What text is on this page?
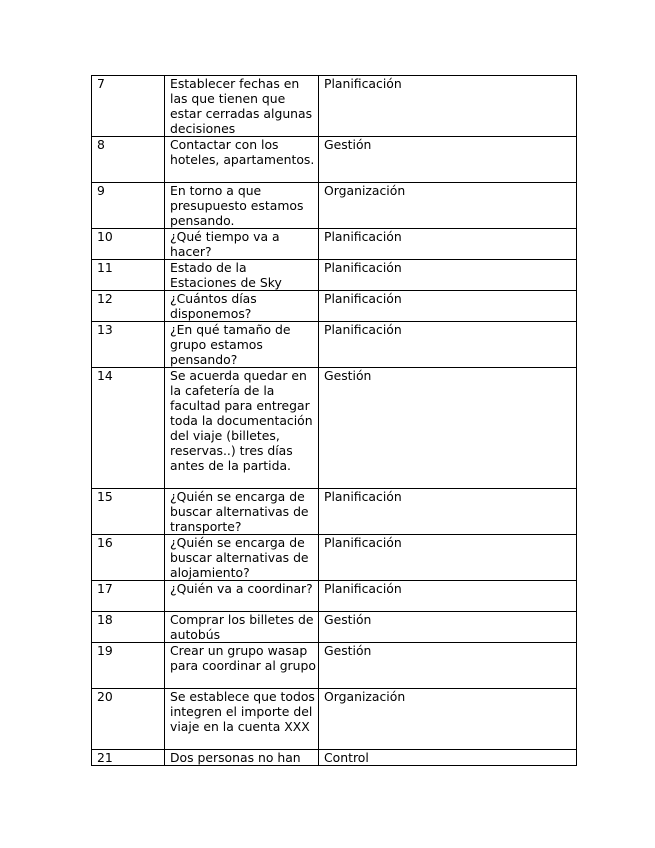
7	Establecer fechas en las que tienen que estar cerradas algunas decisiones	Planificación
8	Contactar con los hoteles, apartamentos.	Gestión
9	En torno a que presupuesto estamos pensando.	Organización
10	¿Qué tiempo va a hacer?	Planificación
11	Estado de la Estaciones de Sky	Planificación
12	¿Cuántos días disponemos?	Planificación
13	¿En qué tamaño de grupo estamos pensando?	Planificación
14	Se acuerda quedar en la cafetería de la facultad para entregar toda la documentación del viaje (billetes, reservas..) tres días antes de la partida.	Gestión
15	¿Quién se encarga de buscar alternativas de transporte?	Planificación
16	¿Quién se encarga de buscar alternativas de alojamiento?	Planificación
17	¿Quién va a coordinar?	Planificación
18	Comprar los billetes de autobús	Gestión
19	Crear un grupo wasap para coordinar al grupo	Gestión
20	Se establece que todos integren el importe del viaje en la cuenta XXX	Organización
21	Dos personas no han	Control
